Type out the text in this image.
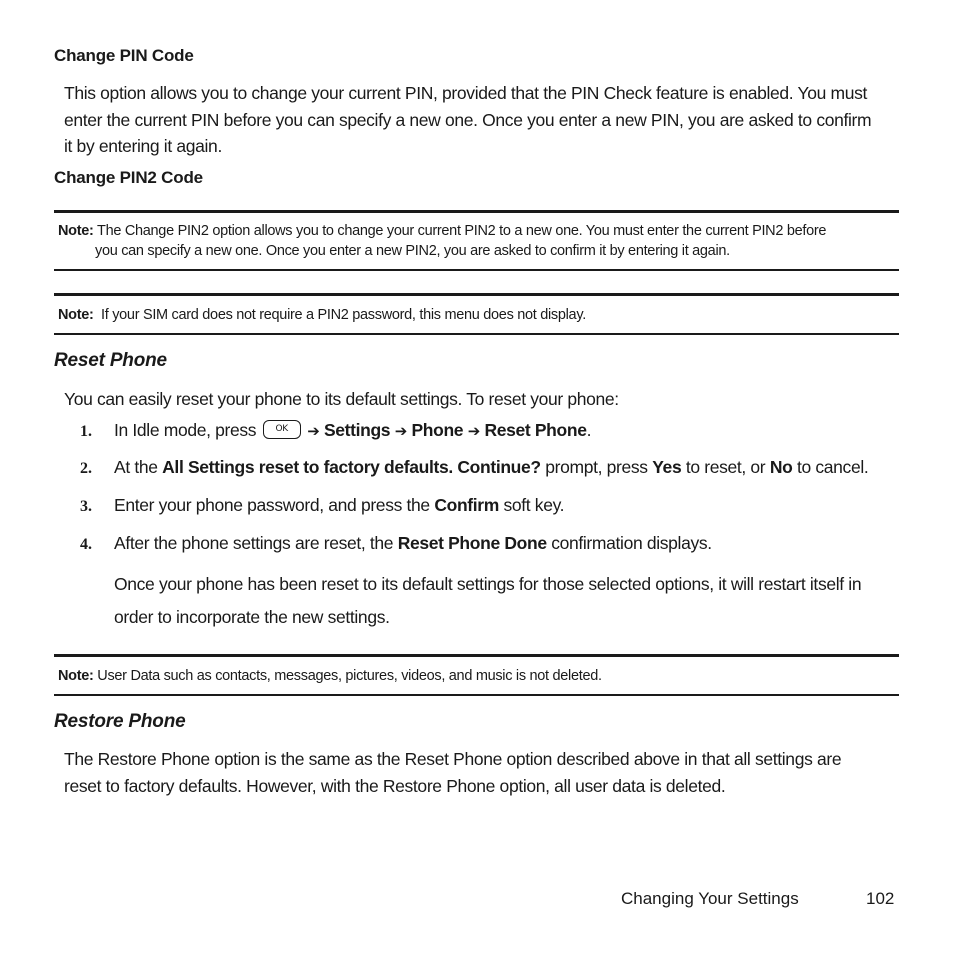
Change PIN Code
This option allows you to change your current PIN, provided that the PIN Check feature is enabled. You must
enter the current PIN before you can specify a new one. Once you enter a new PIN, you are asked to confirm
it by entering it again.
Change PIN2 Code
Note: The Change PIN2 option allows you to change your current PIN2 to a new one. You must enter the current PIN2 before
you can specify a new one. Once you enter a new PIN2, you are asked to confirm it by entering it again.
Note: If your SIM card does not require a PIN2 password, this menu does not display.
Reset Phone
You can easily reset your phone to its default settings. To reset your phone:
1. In Idle mode, press OK ➔ Settings ➔ Phone ➔ Reset Phone.
2. At the All Settings reset to factory defaults. Continue? prompt, press Yes to reset, or No to cancel.
3. Enter your phone password, and press the Confirm soft key.
4. After the phone settings are reset, the Reset Phone Done confirmation displays.
Once your phone has been reset to its default settings for those selected options, it will restart itself in
order to incorporate the new settings.
Note: User Data such as contacts, messages, pictures, videos, and music is not deleted.
Restore Phone
The Restore Phone option is the same as the Reset Phone option described above in that all settings are
reset to factory defaults. However, with the Restore Phone option, all user data is deleted.
Changing Your Settings	102
